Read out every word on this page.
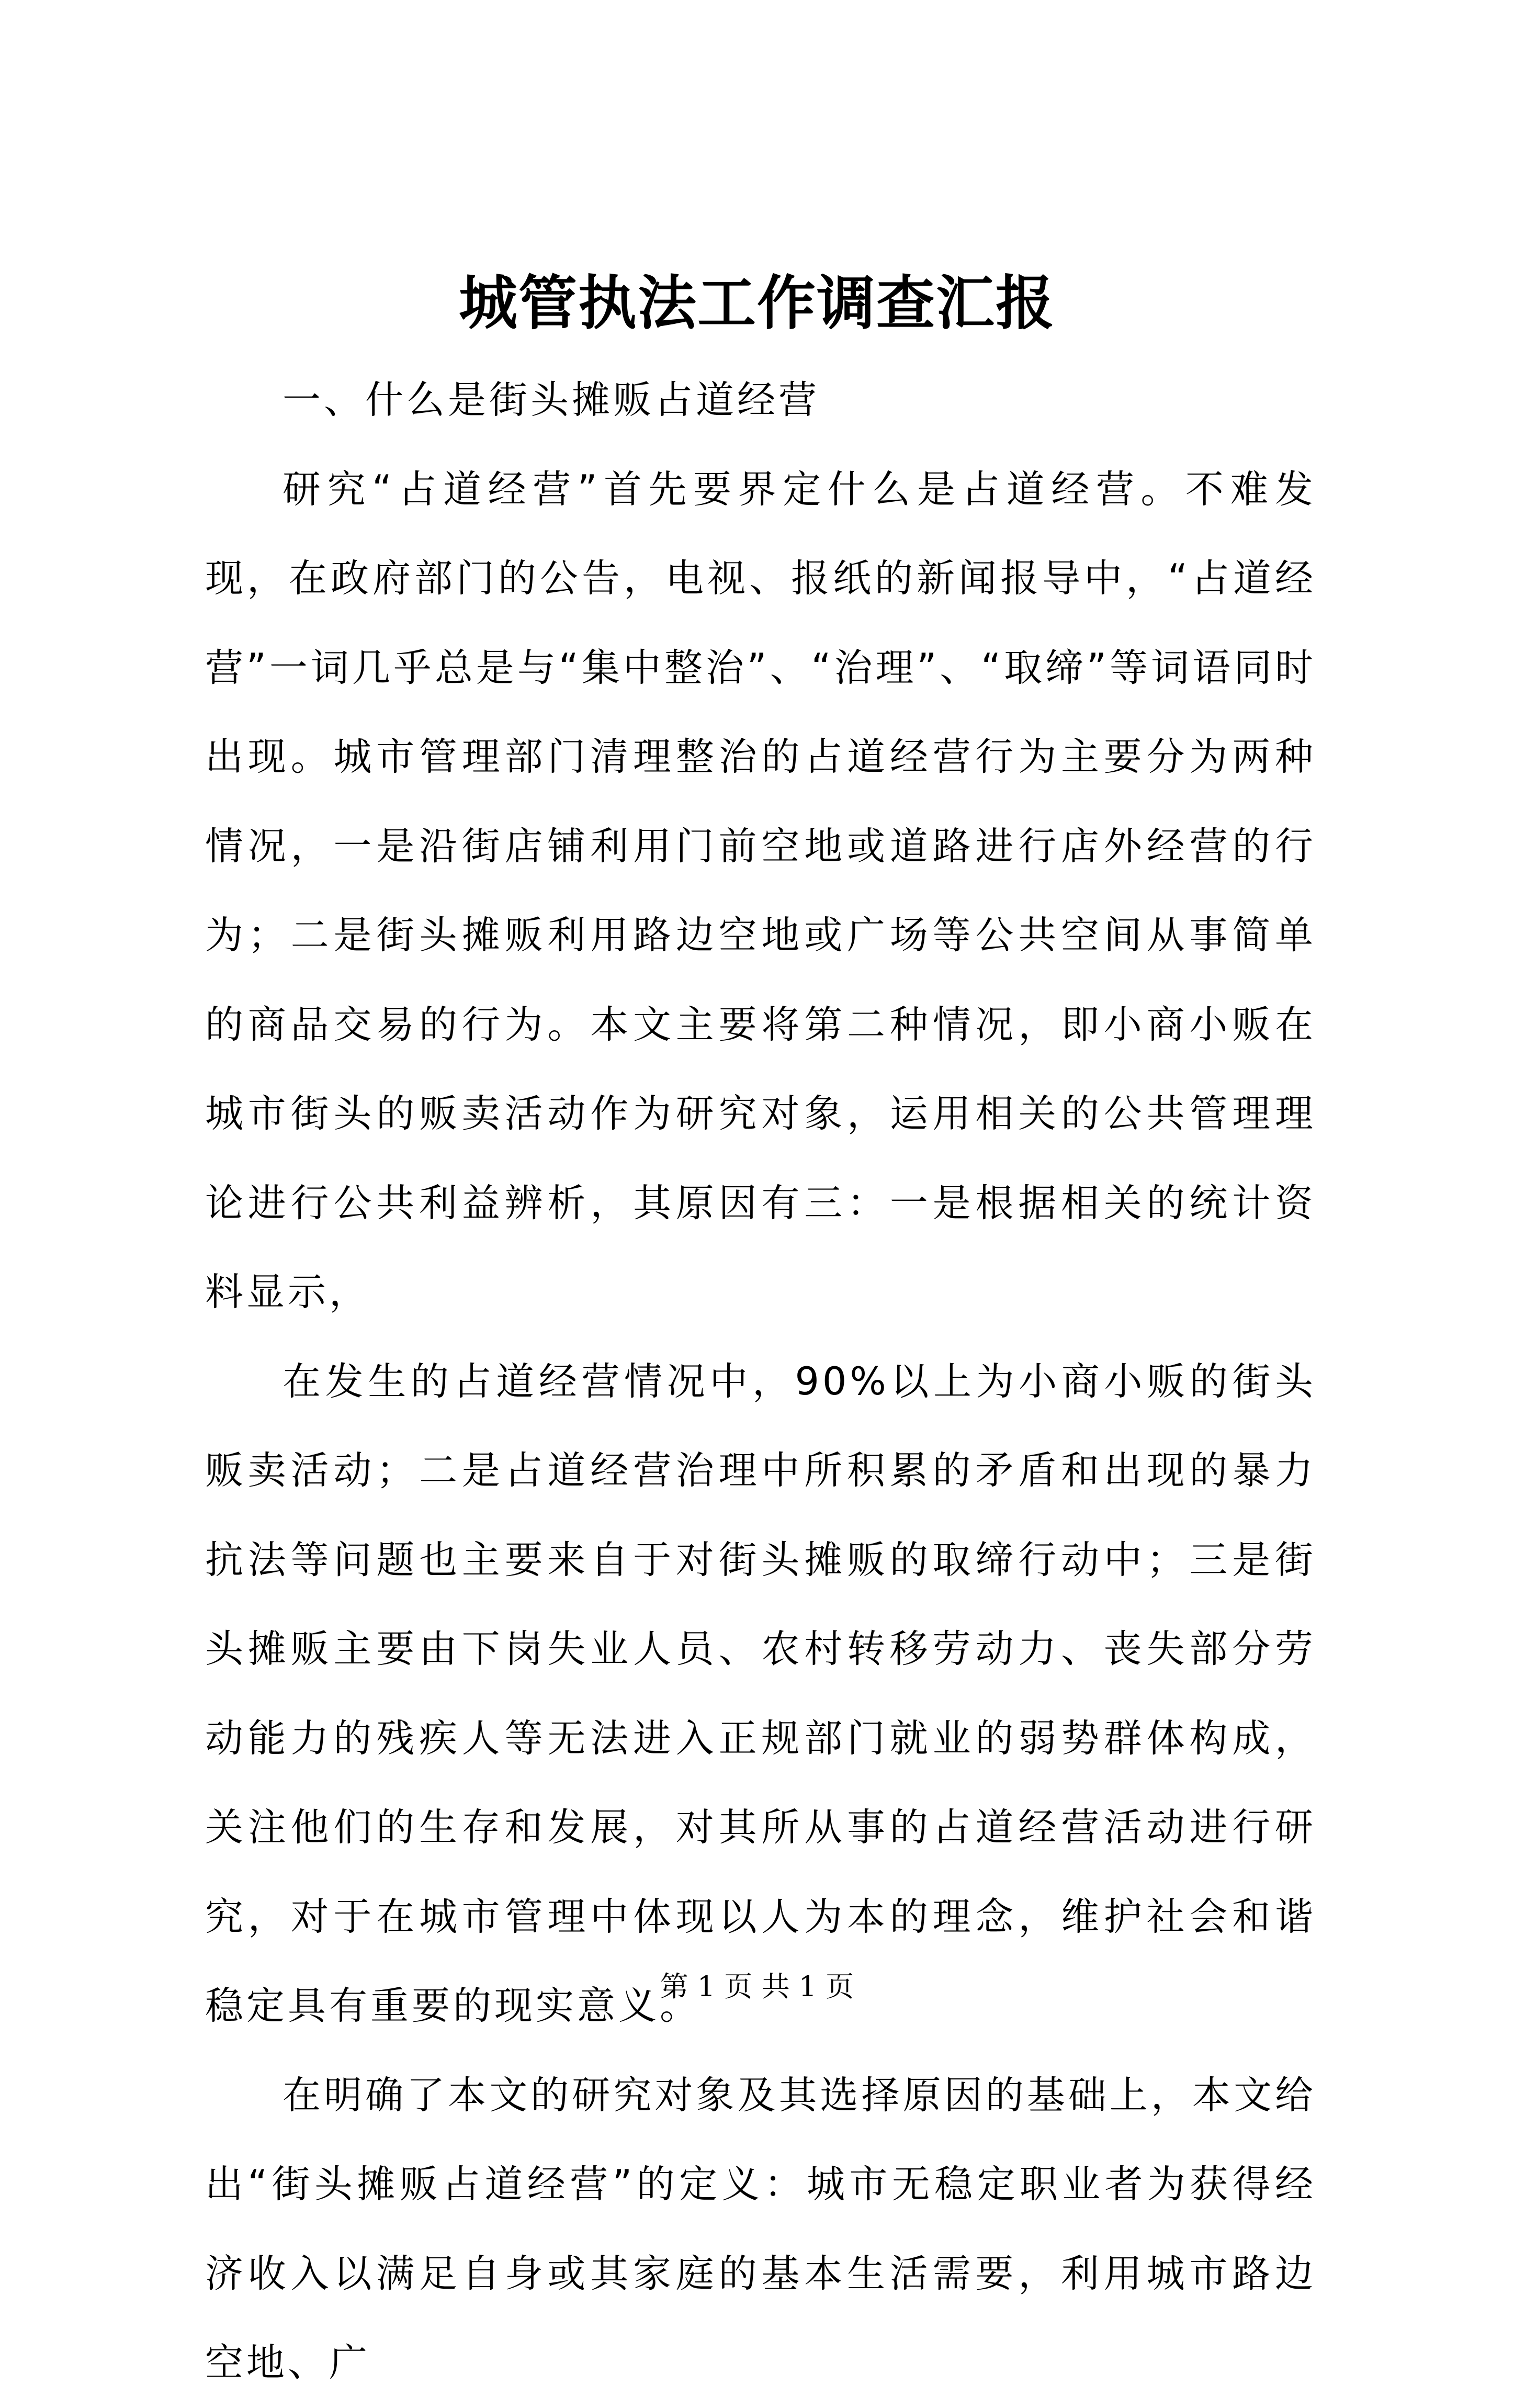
城管执法工作调查汇报

一、什么是街头摊贩占道经营

研究“占道经营”首先要界定什么是占道经营。不难发现，在政府部门的公告，电视、报纸的新闻报导中，“占道经营”一词几乎总是与“集中整治”、“治理”、“取缔”等词语同时出现。城市管理部门清理整治的占道经营行为主要分为两种情况，一是沿街店铺利用门前空地或道路进行店外经营的行为；二是街头摊贩利用路边空地或广场等公共空间从事简单的商品交易的行为。本文主要将第二种情况，即小商小贩在城市街头的贩卖活动作为研究对象，运用相关的公共管理理论进行公共利益辨析，其原因有三：一是根据相关的统计资料显示，

在发生的占道经营情况中，90%以上为小商小贩的街头贩卖活动；二是占道经营治理中所积累的矛盾和出现的暴力抗法等问题也主要来自于对街头摊贩的取缔行动中；三是街头摊贩主要由下岗失业人员、农村转移劳动力、丧失部分劳动能力的残疾人等无法进入正规部门就业的弱势群体构成，关注他们的生存和发展，对其所从事的占道经营活动进行研究，对于在城市管理中体现以人为本的理念，维护社会和谐稳定具有重要的现实意义。

在明确了本文的研究对象及其选择原因的基础上，本文给出“街头摊贩占道经营”的定义：城市无稳定职业者为获得经济收入以满足自身或其家庭的基本生活需要，利用城市路边空地、广

第 1 页 共 1 页
